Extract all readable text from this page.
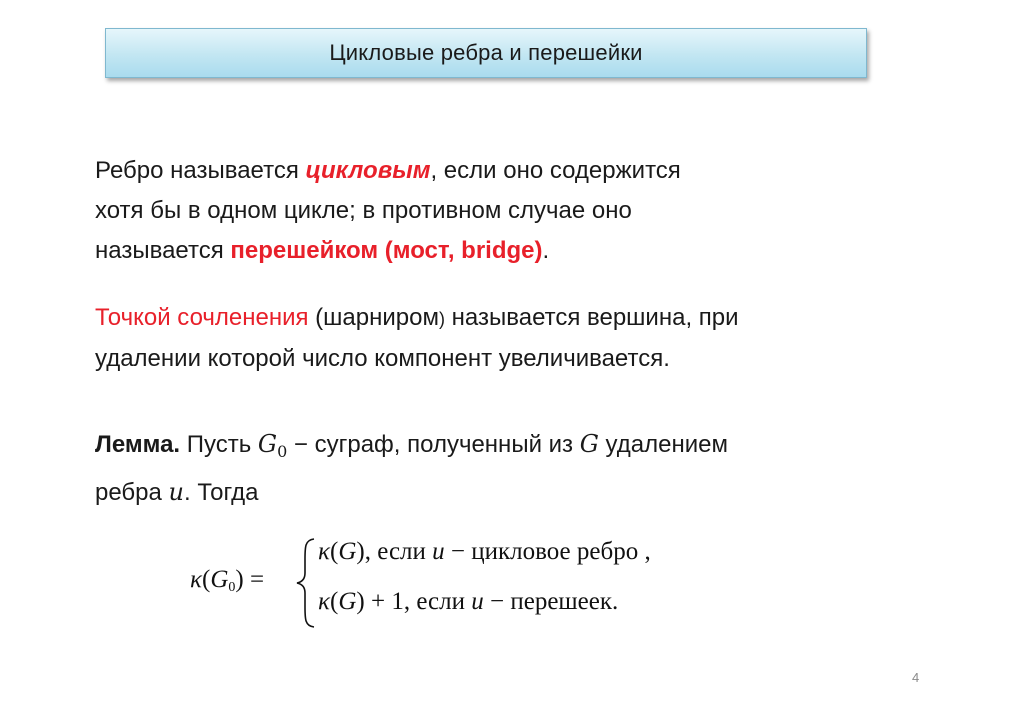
Цикловые ребра и перешейки
Ребро называется цикловым, если оно содержится
хотя бы в одном цикле; в противном случае оно
называется перешейком (мост, bridge).
Точкой сочленения (шарниром) называется вершина, при
удалении которой число компонент увеличивается.
Лемма. Пусть $G_0$ − суграф, полученный из G удалением
ребра u. Тогда
κ(G0) =
κ(G), если u − цикловое ребро ,
κ(G) + 1, если u − перешеек.
4
